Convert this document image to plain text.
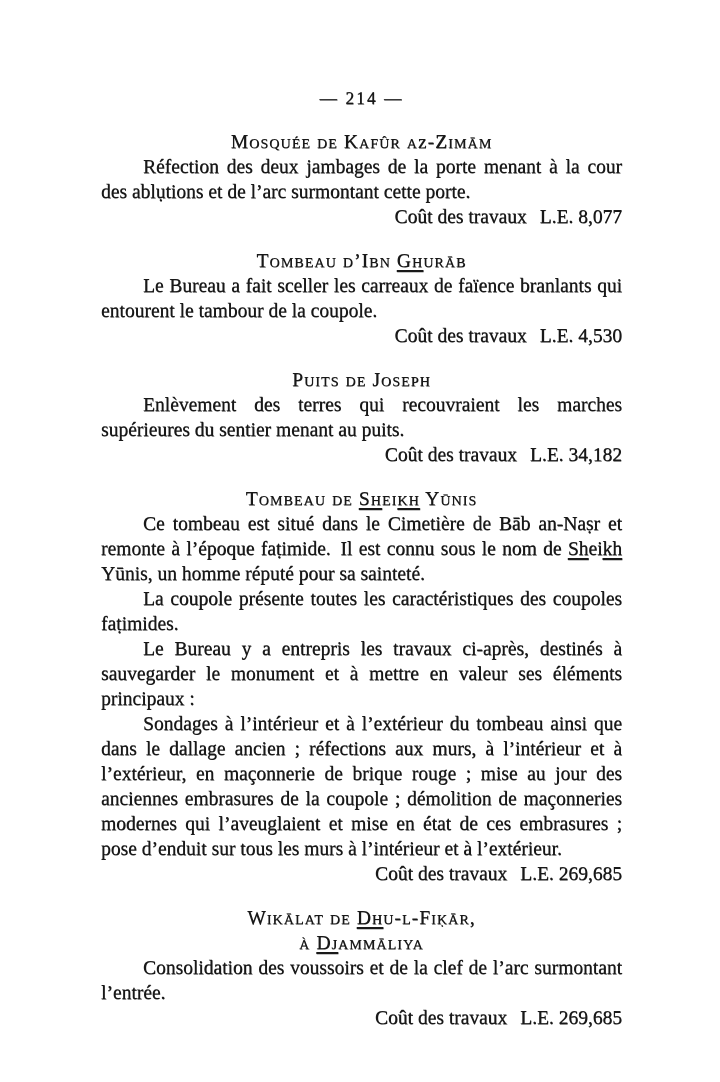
— 214 —
Mosquée de Kafûr az-Zimām

Réfection des deux jambages de la porte menant à la cour des ablụtions et de l’arc surmontant cette porte.

Coût des travaux L.E. 8,077
Tombeau d’Ibn Ghurāb

Le Bureau a fait sceller les carreaux de faïence branlants qui entourent le tambour de la coupole.

Coût des travaux L.E. 4,530
Puits de Joseph

Enlèvement des terres qui recouvraient les marches supérieures du sentier menant au puits.

Coût des travaux L.E. 34,182
Tombeau de Sheikh Yūnis

Ce tombeau est situé dans le Cimetière de Bāb an-Naṣr et remonte à l’époque faṭimide. Il est connu sous le nom de Sheikh Yūnis, un homme réputé pour sa sainteté.

La coupole présente toutes les caractéristiques des coupoles faṭimides.

Le Bureau y a entrepris les travaux ci-après, destinés à sauvegarder le monument et à mettre en valeur ses éléments principaux :

Sondages à l’intérieur et à l’extérieur du tombeau ainsi que dans le dallage ancien ; réfections aux murs, à l’intérieur et à l’extérieur, en maçonnerie de brique rouge ; mise au jour des anciennes embrasures de la coupole ; démolition de maçonneries modernes qui l’aveuglaient et mise en état de ces embrasures ; pose d’enduit sur tous les murs à l’intérieur et à l’extérieur.

Coût des travaux L.E. 269,685
Wikālat de Dhu-l-Fiḳār,
à Djammāliya

Consolidation des voussoirs et de la clef de l’arc surmontant l’entrée.

Coût des travaux L.E. 269,685
